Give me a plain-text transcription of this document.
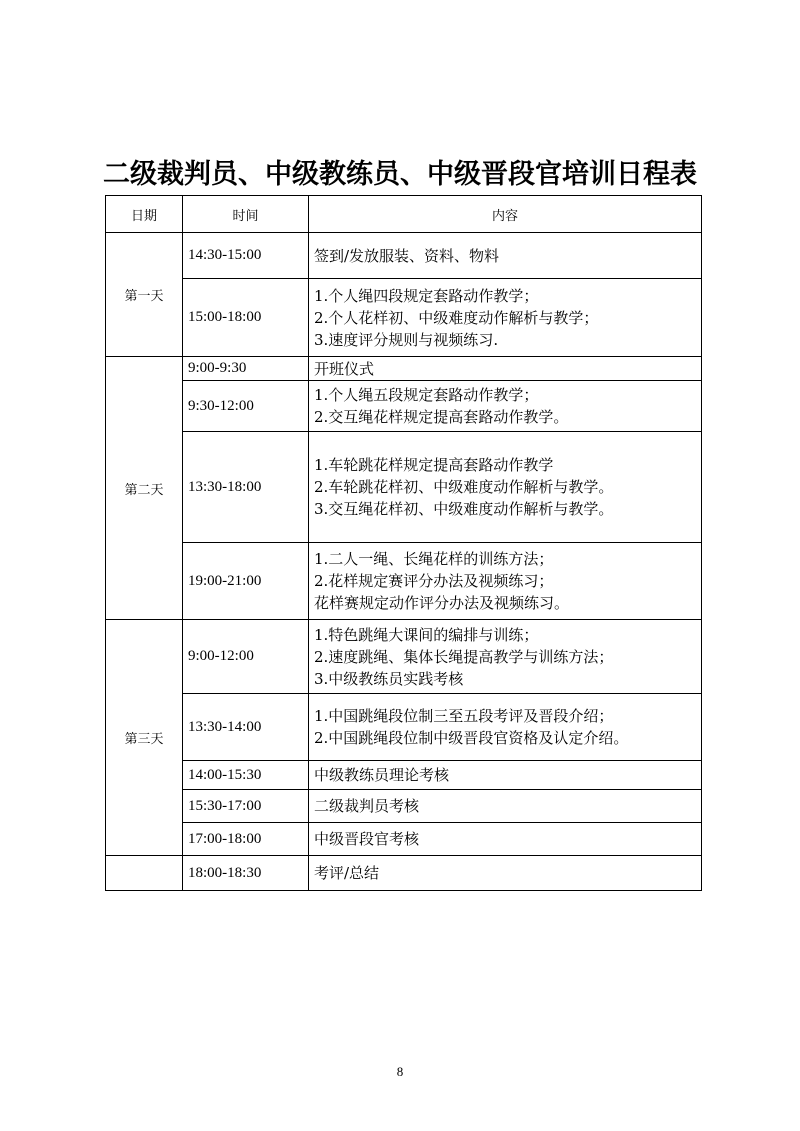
二级裁判员、中级教练员、中级晋段官培训日程表
日期	时间	内容
第一天	14:30-15:00	签到/发放服装、资料、物料

	15:00-18:00	1.个人绳四段规定套路动作教学；
2.个人花样初、中级难度动作解析与教学；
3.速度评分规则与视频练习.

第二天	9:00-9:30	开班仪式

	9:30-12:00	1.个人绳五段规定套路动作教学；
2.交互绳花样规定提高套路动作教学。

	13:30-18:00	1.车轮跳花样规定提高套路动作教学
2.车轮跳花样初、中级难度动作解析与教学。
3.交互绳花样初、中级难度动作解析与教学。

	19:00-21:00	1.二人一绳、长绳花样的训练方法；
2.花样规定赛评分办法及视频练习；
花样赛规定动作评分办法及视频练习。

第三天	9:00-12:00	1.特色跳绳大课间的编排与训练；
2.速度跳绳、集体长绳提高教学与训练方法；
3.中级教练员实践考核

	13:30-14:00	1.中国跳绳段位制三至五段考评及晋段介绍；
2.中国跳绳段位制中级晋段官资格及认定介绍。

	14:00-15:30	中级教练员理论考核

	15:30-17:00	二级裁判员考核

	17:00-18:00	中级晋段官考核

	18:00-18:30	考评/总结
8
